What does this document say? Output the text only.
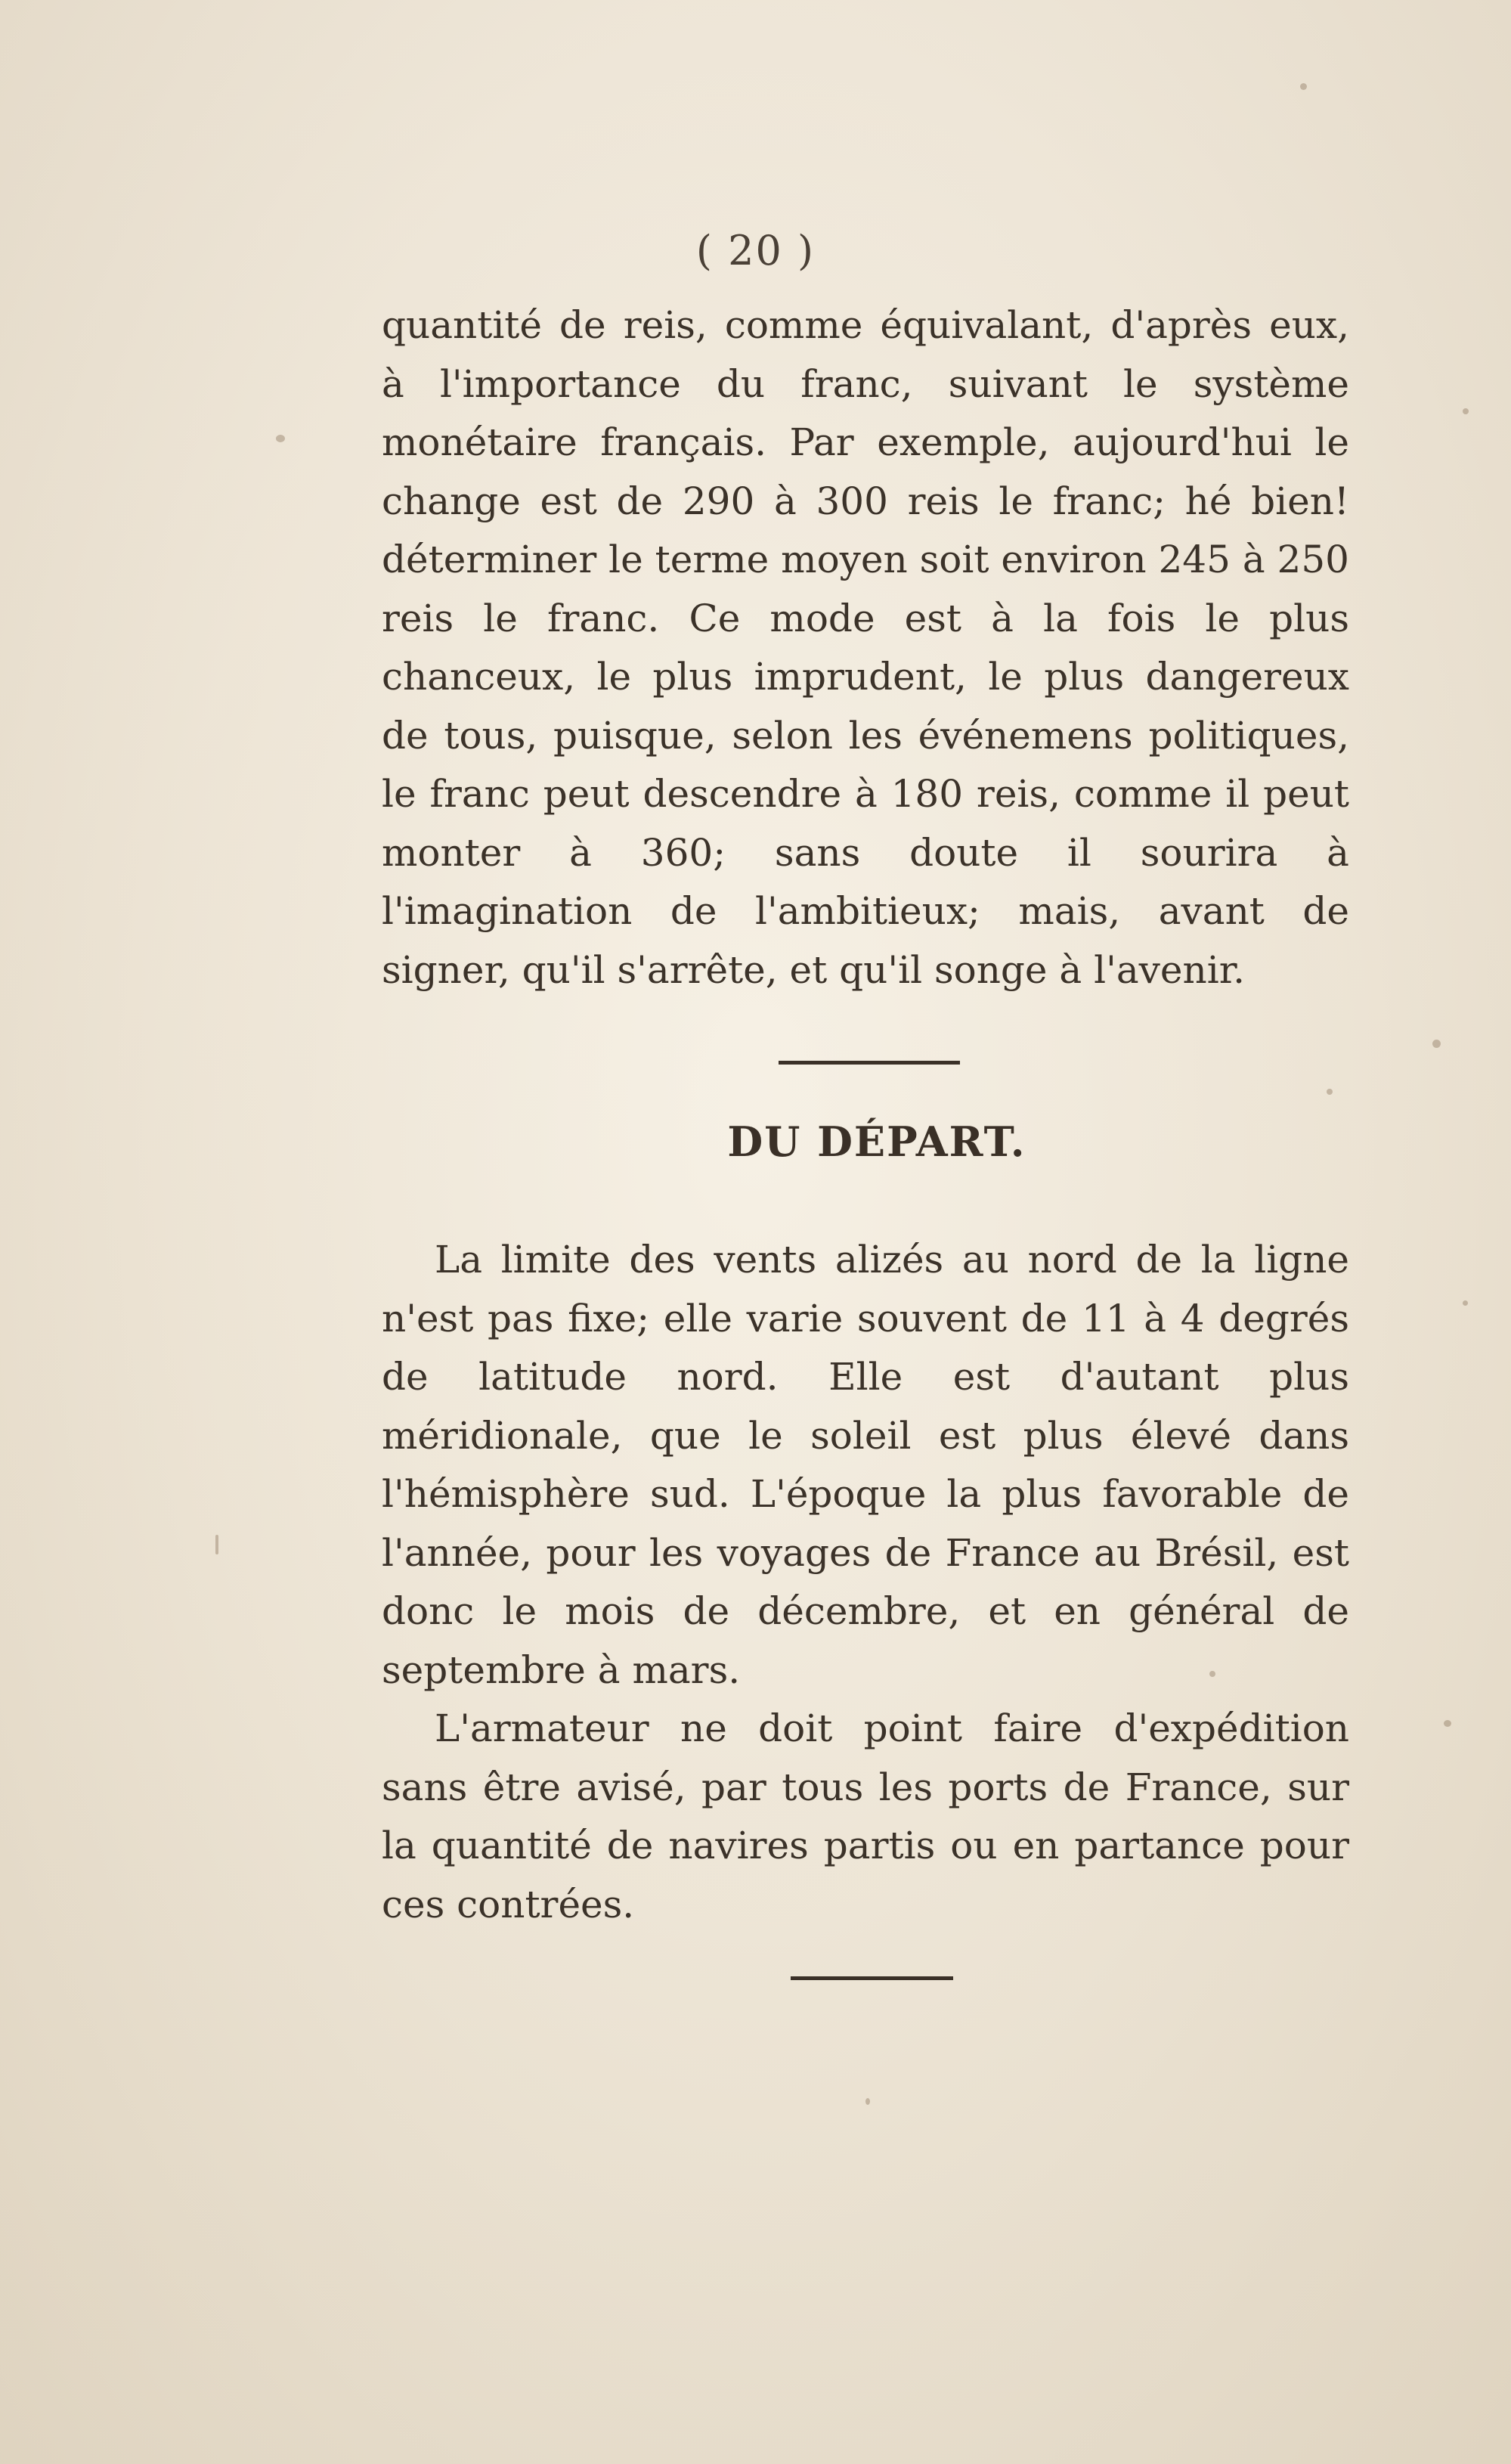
( 20 )

quantité de reis, comme équivalant, d'après eux, à l'importance du franc, suivant le système monétaire français. Par exemple, aujourd'hui le change est de 290 à 300 reis le franc; hé bien! déterminer le terme moyen soit environ 245 à 250 reis le franc. Ce mode est à la fois le plus chanceux, le plus imprudent, le plus dangereux de tous, puisque, selon les événemens politiques, le franc peut descendre à 180 reis, comme il peut monter à 360; sans doute il sourira à l'imagination de l'ambitieux; mais, avant de signer, qu'il s'arrête, et qu'il songe à l'avenir.

DU DÉPART.

La limite des vents alizés au nord de la ligne n'est pas fixe; elle varie souvent de 11 à 4 degrés de latitude nord. Elle est d'autant plus méridionale, que le soleil est plus élevé dans l'hémisphère sud. L'époque la plus favorable de l'année, pour les voyages de France au Brésil, est donc le mois de décembre, et en général de septembre à mars.

L'armateur ne doit point faire d'expédition sans être avisé, par tous les ports de France, sur la quantité de navires partis ou en partance pour ces contrées.
